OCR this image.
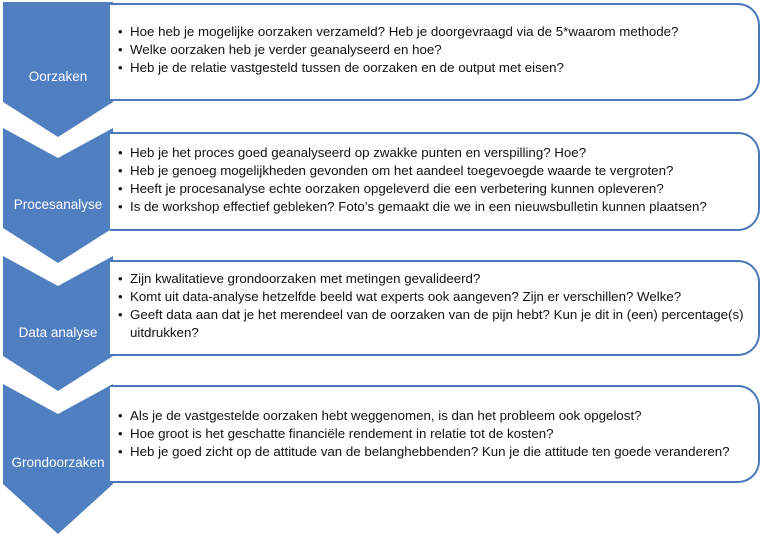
Oorzaken
• Hoe heb je mogelijke oorzaken verzameld? Heb je doorgevraagd via de 5*waarom methode?
• Welke oorzaken heb je verder geanalyseerd en hoe?
• Heb je de relatie vastgesteld tussen de oorzaken en de output met eisen?
Procesanalyse
• Heb je het proces goed geanalyseerd op zwakke punten en verspilling? Hoe?
• Heb je genoeg mogelijkheden gevonden om het aandeel toegevoegde waarde te vergroten?
• Heeft je procesanalyse echte oorzaken opgeleverd die een verbetering kunnen opleveren?
• Is de workshop effectief gebleken? Foto’s gemaakt die we in een nieuwsbulletin kunnen plaatsen?
Data analyse
• Zijn kwalitatieve grondoorzaken met metingen gevalideerd?
• Komt uit data-analyse hetzelfde beeld wat experts ook aangeven? Zijn er verschillen? Welke?
• Geeft data aan dat je het merendeel van de oorzaken van de pijn hebt? Kun je dit in (een) percentage(s) uitdrukken?
Grondoorzaken
• Als je de vastgestelde oorzaken hebt weggenomen, is dan het probleem ook opgelost?
• Hoe groot is het geschatte financiële rendement in relatie tot de kosten?
• Heb je goed zicht op de attitude van de belanghebbenden? Kun je die attitude ten goede veranderen?
